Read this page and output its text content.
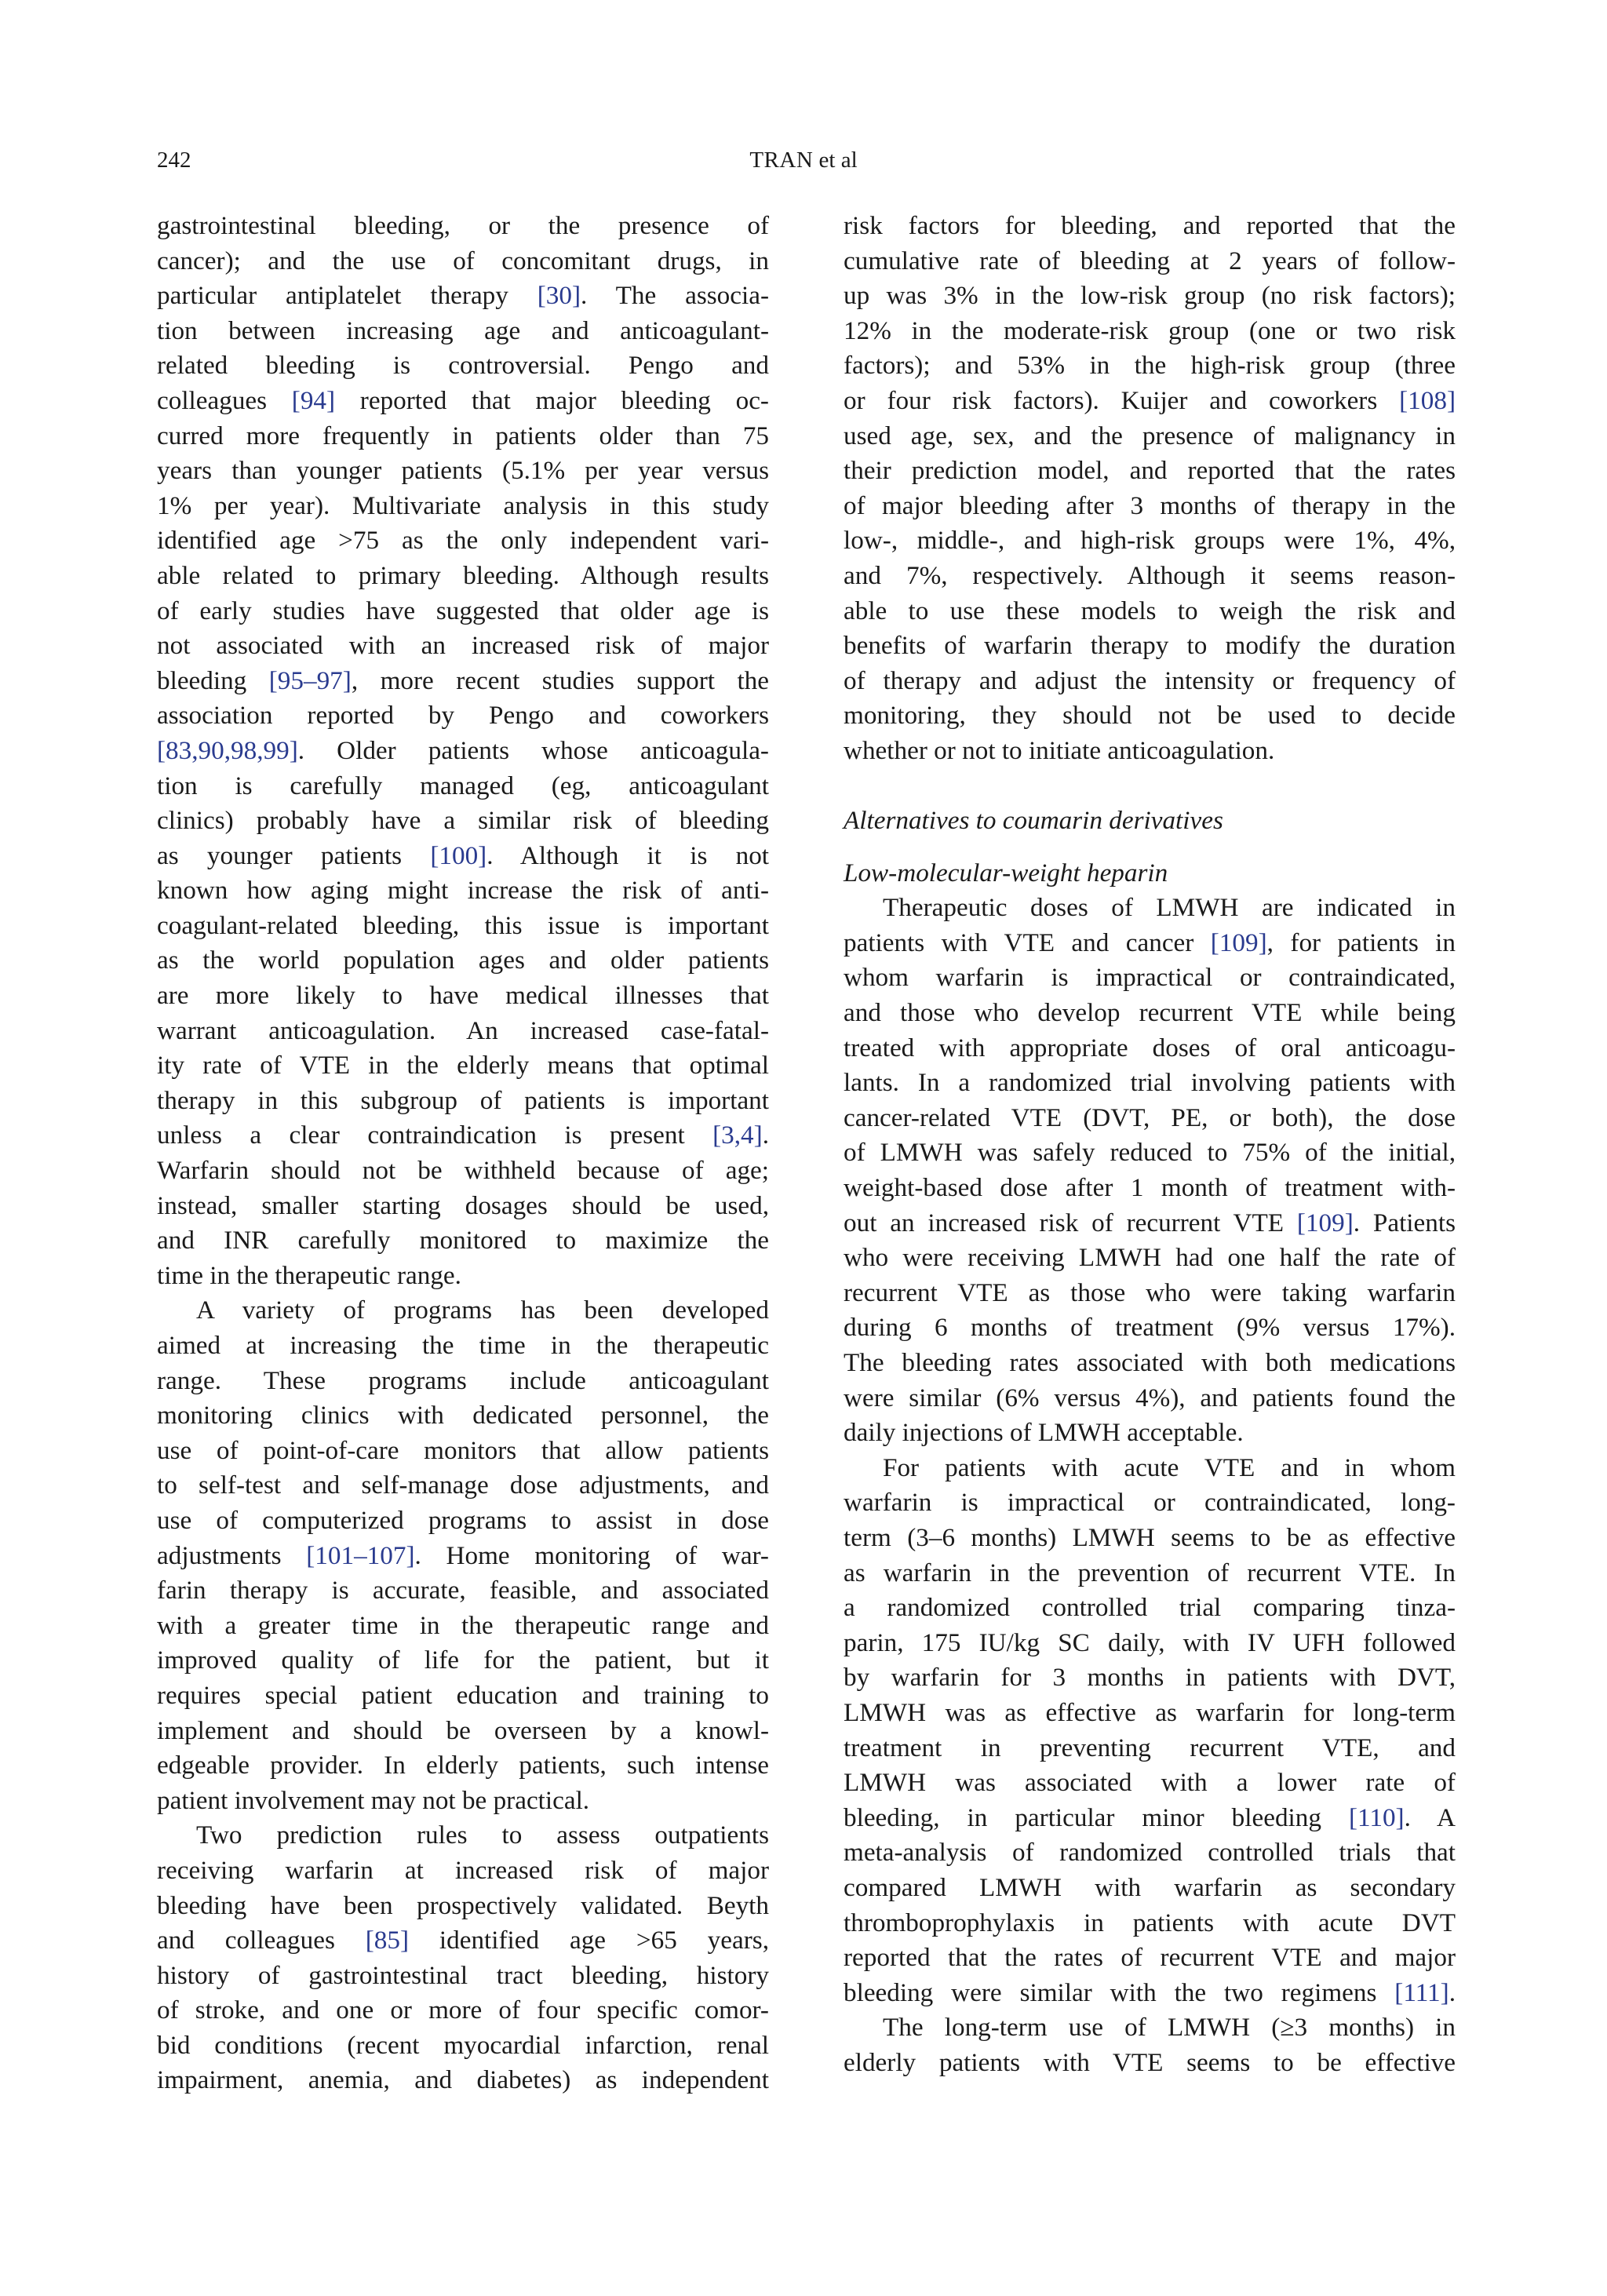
242	TRAN et al
gastrointestinal bleeding, or the presence of
cancer); and the use of concomitant drugs, in
particular antiplatelet therapy [30]. The associa-
tion between increasing age and anticoagulant-
related bleeding is controversial. Pengo and
colleagues [94] reported that major bleeding oc-
curred more frequently in patients older than 75
years than younger patients (5.1% per year versus
1% per year). Multivariate analysis in this study
identified age >75 as the only independent vari-
able related to primary bleeding. Although results
of early studies have suggested that older age is
not associated with an increased risk of major
bleeding [95–97], more recent studies support the
association reported by Pengo and coworkers
[83,90,98,99]. Older patients whose anticoagula-
tion is carefully managed (eg, anticoagulant
clinics) probably have a similar risk of bleeding
as younger patients [100]. Although it is not
known how aging might increase the risk of anti-
coagulant-related bleeding, this issue is important
as the world population ages and older patients
are more likely to have medical illnesses that
warrant anticoagulation. An increased case-fatal-
ity rate of VTE in the elderly means that optimal
therapy in this subgroup of patients is important
unless a clear contraindication is present [3,4].
Warfarin should not be withheld because of age;
instead, smaller starting dosages should be used,
and INR carefully monitored to maximize the
time in the therapeutic range.
A variety of programs has been developed
aimed at increasing the time in the therapeutic
range. These programs include anticoagulant
monitoring clinics with dedicated personnel, the
use of point-of-care monitors that allow patients
to self-test and self-manage dose adjustments, and
use of computerized programs to assist in dose
adjustments [101–107]. Home monitoring of war-
farin therapy is accurate, feasible, and associated
with a greater time in the therapeutic range and
improved quality of life for the patient, but it
requires special patient education and training to
implement and should be overseen by a knowl-
edgeable provider. In elderly patients, such intense
patient involvement may not be practical.
Two prediction rules to assess outpatients
receiving warfarin at increased risk of major
bleeding have been prospectively validated. Beyth
and colleagues [85] identified age >65 years,
history of gastrointestinal tract bleeding, history
of stroke, and one or more of four specific comor-
bid conditions (recent myocardial infarction, renal
impairment, anemia, and diabetes) as independent
risk factors for bleeding, and reported that the
cumulative rate of bleeding at 2 years of follow-
up was 3% in the low-risk group (no risk factors);
12% in the moderate-risk group (one or two risk
factors); and 53% in the high-risk group (three
or four risk factors). Kuijer and coworkers [108]
used age, sex, and the presence of malignancy in
their prediction model, and reported that the rates
of major bleeding after 3 months of therapy in the
low-, middle-, and high-risk groups were 1%, 4%,
and 7%, respectively. Although it seems reason-
able to use these models to weigh the risk and
benefits of warfarin therapy to modify the duration
of therapy and adjust the intensity or frequency of
monitoring, they should not be used to decide
whether or not to initiate anticoagulation.
Alternatives to coumarin derivatives
Low-molecular-weight heparin
Therapeutic doses of LMWH are indicated in
patients with VTE and cancer [109], for patients in
whom warfarin is impractical or contraindicated,
and those who develop recurrent VTE while being
treated with appropriate doses of oral anticoagu-
lants. In a randomized trial involving patients with
cancer-related VTE (DVT, PE, or both), the dose
of LMWH was safely reduced to 75% of the initial,
weight-based dose after 1 month of treatment with-
out an increased risk of recurrent VTE [109]. Patients
who were receiving LMWH had one half the rate of
recurrent VTE as those who were taking warfarin
during 6 months of treatment (9% versus 17%).
The bleeding rates associated with both medications
were similar (6% versus 4%), and patients found the
daily injections of LMWH acceptable.
For patients with acute VTE and in whom
warfarin is impractical or contraindicated, long-
term (3–6 months) LMWH seems to be as effective
as warfarin in the prevention of recurrent VTE. In
a randomized controlled trial comparing tinza-
parin, 175 IU/kg SC daily, with IV UFH followed
by warfarin for 3 months in patients with DVT,
LMWH was as effective as warfarin for long-term
treatment in preventing recurrent VTE, and
LMWH was associated with a lower rate of
bleeding, in particular minor bleeding [110]. A
meta-analysis of randomized controlled trials that
compared LMWH with warfarin as secondary
thromboprophylaxis in patients with acute DVT
reported that the rates of recurrent VTE and major
bleeding were similar with the two regimens [111].
The long-term use of LMWH (≥3 months) in
elderly patients with VTE seems to be effective
